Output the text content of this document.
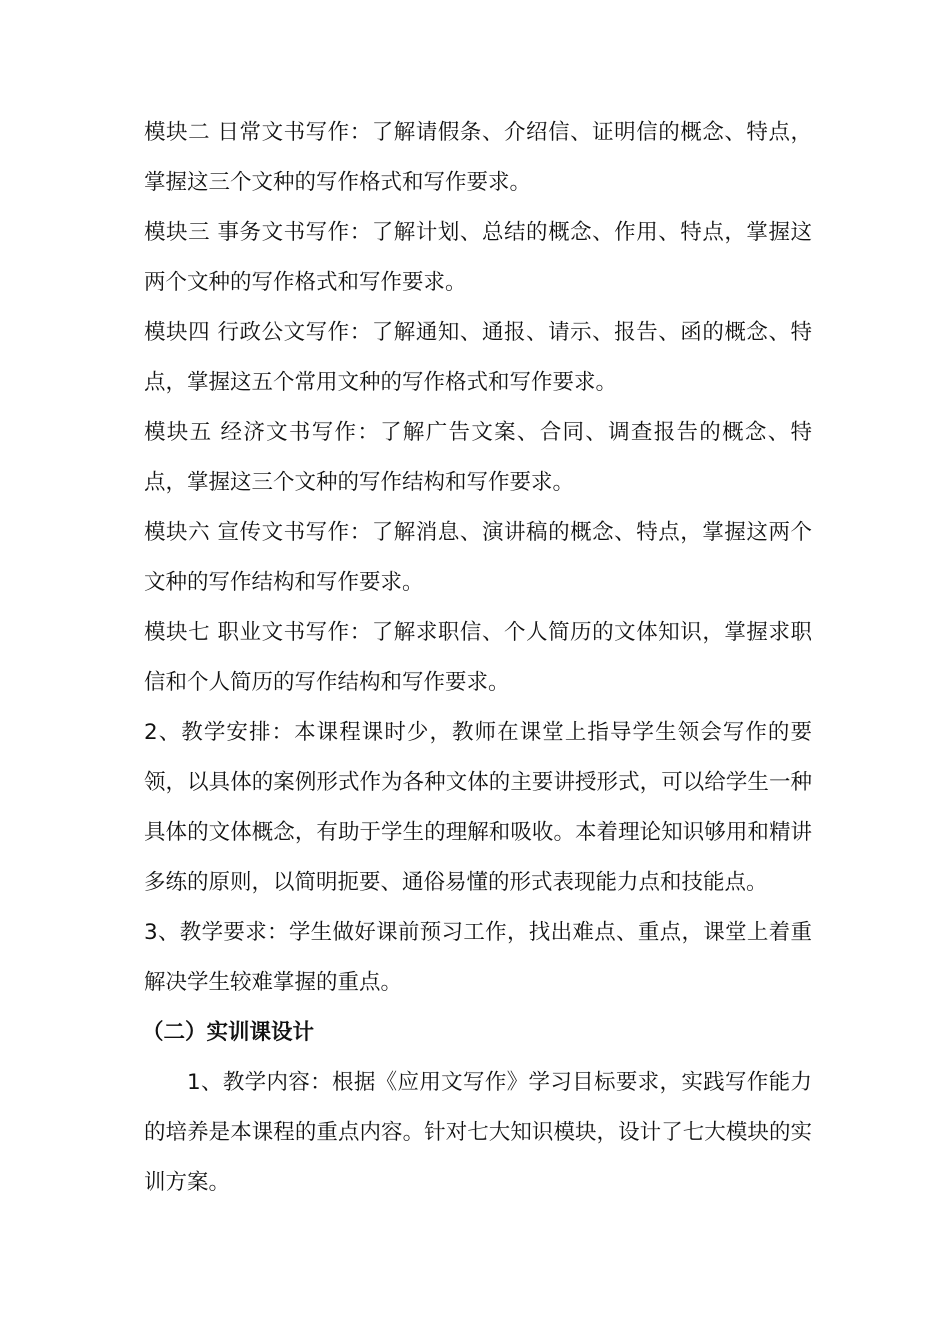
模块二 日常文书写作：了解请假条、介绍信、证明信的概念、特点，掌握这三个文种的写作格式和写作要求。

模块三 事务文书写作：了解计划、总结的概念、作用、特点，掌握这两个文种的写作格式和写作要求。

模块四 行政公文写作：了解通知、通报、请示、报告、函的概念、特点，掌握这五个常用文种的写作格式和写作要求。

模块五 经济文书写作：了解广告文案、合同、调查报告的概念、特点，掌握这三个文种的写作结构和写作要求。

模块六 宣传文书写作：了解消息、演讲稿的概念、特点，掌握这两个文种的写作结构和写作要求。

模块七 职业文书写作：了解求职信、个人简历的文体知识，掌握求职信和个人简历的写作结构和写作要求。

2、教学安排：本课程课时少，教师在课堂上指导学生领会写作的要领，以具体的案例形式作为各种文体的主要讲授形式，可以给学生一种具体的文体概念，有助于学生的理解和吸收。本着理论知识够用和精讲多练的原则，以简明扼要、通俗易懂的形式表现能力点和技能点。

3、教学要求：学生做好课前预习工作，找出难点、重点，课堂上着重解决学生较难掌握的重点。

（二）实训课设计

1、教学内容：根据《应用文写作》学习目标要求，实践写作能力的培养是本课程的重点内容。针对七大知识模块，设计了七大模块的实训方案。
